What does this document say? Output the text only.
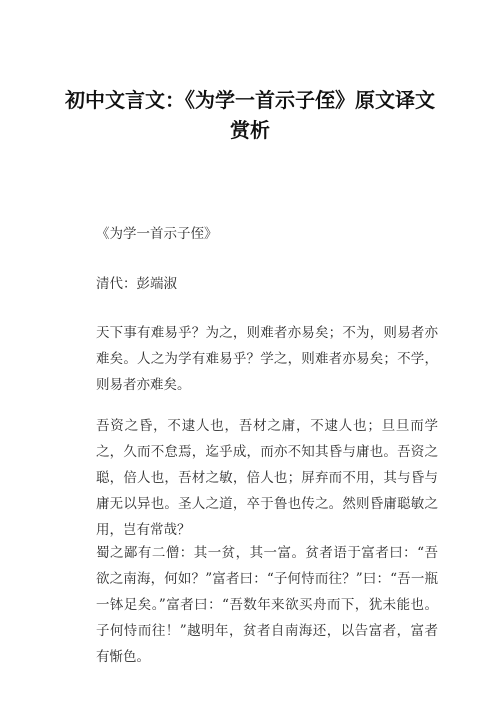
初中文言文：《为学一首示子侄》原文译文赏析

《为学一首示子侄》

清代：彭端淑

天下事有难易乎？为之，则难者亦易矣；不为，则易者亦难矣。人之为学有难易乎？学之，则难者亦易矣；不学，则易者亦难矣。

吾资之昏，不逮人也，吾材之庸，不逮人也；旦旦而学之，久而不怠焉，迄乎成，而亦不知其昏与庸也。吾资之聪，倍人也，吾材之敏，倍人也；屏弃而不用，其与昏与庸无以异也。圣人之道，卒于鲁也传之。然则昏庸聪敏之用，岂有常哉？

蜀之鄙有二僧：其一贫，其一富。贫者语于富者曰：“吾欲之南海，何如？”富者曰：“子何恃而往？”曰：“吾一瓶一钵足矣。”富者曰：“吾数年来欲买舟而下，犹未能也。子何恃而往！”越明年，贫者自南海还，以告富者，富者有惭色。
